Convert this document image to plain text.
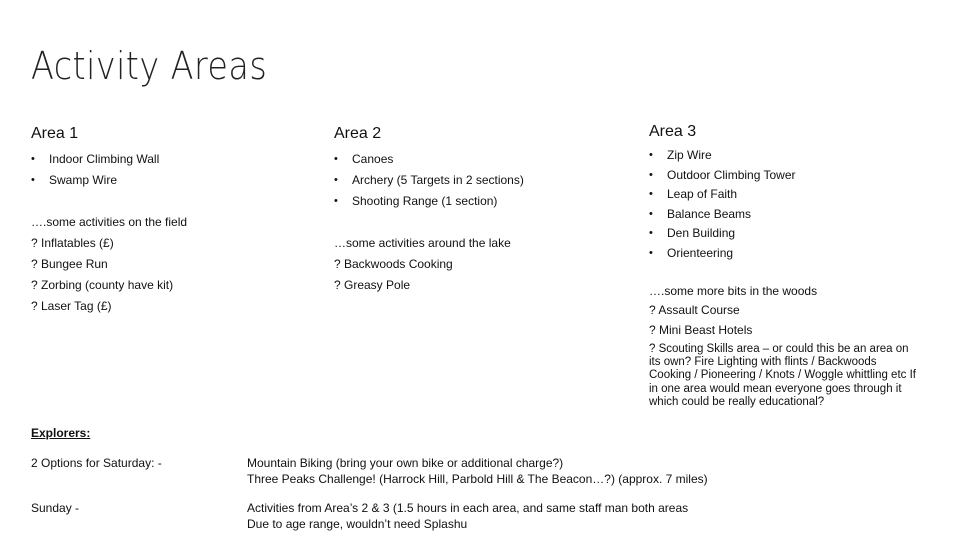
Activity Areas
Area 1
• Indoor Climbing Wall
• Swamp Wire
….some activities on the field
? Inflatables (£)
? Bungee Run
? Zorbing (county have kit)
? Laser Tag (£)
Area 2
• Canoes
• Archery (5 Targets in 2 sections)
• Shooting Range (1 section)
…some activities around the lake
? Backwoods Cooking
? Greasy Pole
Area 3
• Zip Wire
• Outdoor Climbing Tower
• Leap of Faith
• Balance Beams
• Den Building
• Orienteering
….some more bits in the woods
? Assault Course
? Mini Beast Hotels
? Scouting Skills area – or could this be an area on its own? Fire Lighting with flints / Backwoods Cooking / Pioneering / Knots / Woggle whittling etc If in one area would mean everyone goes through it which could be really educational?
Explorers:
2 Options for Saturday: -	Mountain Biking (bring your own bike or additional charge?)
Three Peaks Challenge! (Harrock Hill, Parbold Hill & The Beacon…?) (approx. 7 miles)
Sunday -	Activities from Area’s 2 & 3 (1.5 hours in each area, and same staff man both areas
Due to age range, wouldn’t need Splashu
